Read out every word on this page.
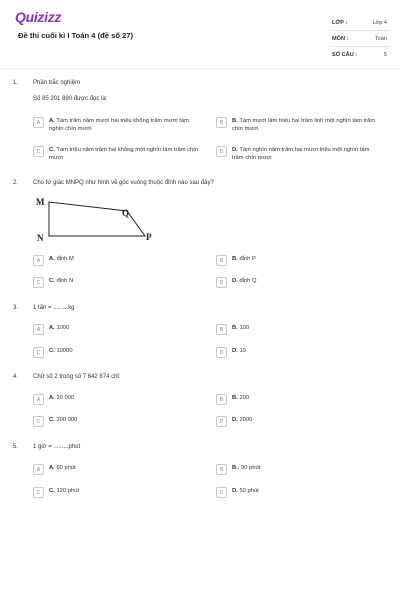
Quizizz
Đề thi cuối kì I Toán 4 (đề số 27)
LỚP :	Lớp 4
MÔN :	Toán
SỐ CÂU :	5
1. Phần trắc nghiệm
Số 85 201 890 được đọc là:
A	A. Tám trăm năm mươi hai triệu không trăm mươi tám nghìn chín mươi
B	B. Tám mươi lăm triệu hai trăm linh một nghìn tám trăm chín mươi
C	C. Tám triệu năm trăm hai không một nghìn tám trăm chín mươi
D	D. Tám nghìn năm trăm hai mươi triệu một nghìn tám trăm chín mươi
2. Cho tứ giác MNPQ như hình vẽ góc vuông thuộc đỉnh nào sau đây?
M
N	P
Q
A	A. đỉnh M	B	B. đỉnh P
C	C. đỉnh N	D	D. đỉnh Q
3. 1 tấn = .........kg
A	A. 1000	B	B. 100
C	C. 10000	D	D. 10
4. Chữ số 2 trong số 7 642 874 chỉ:
A	A. 20 000	B	B. 200
C	C. 200 000	D	D. 2000
5. 1 giờ = .........phút
A	A. 60 phút	B	B . 90 phút
C	C. 120 phút	D	D. 50 phút
